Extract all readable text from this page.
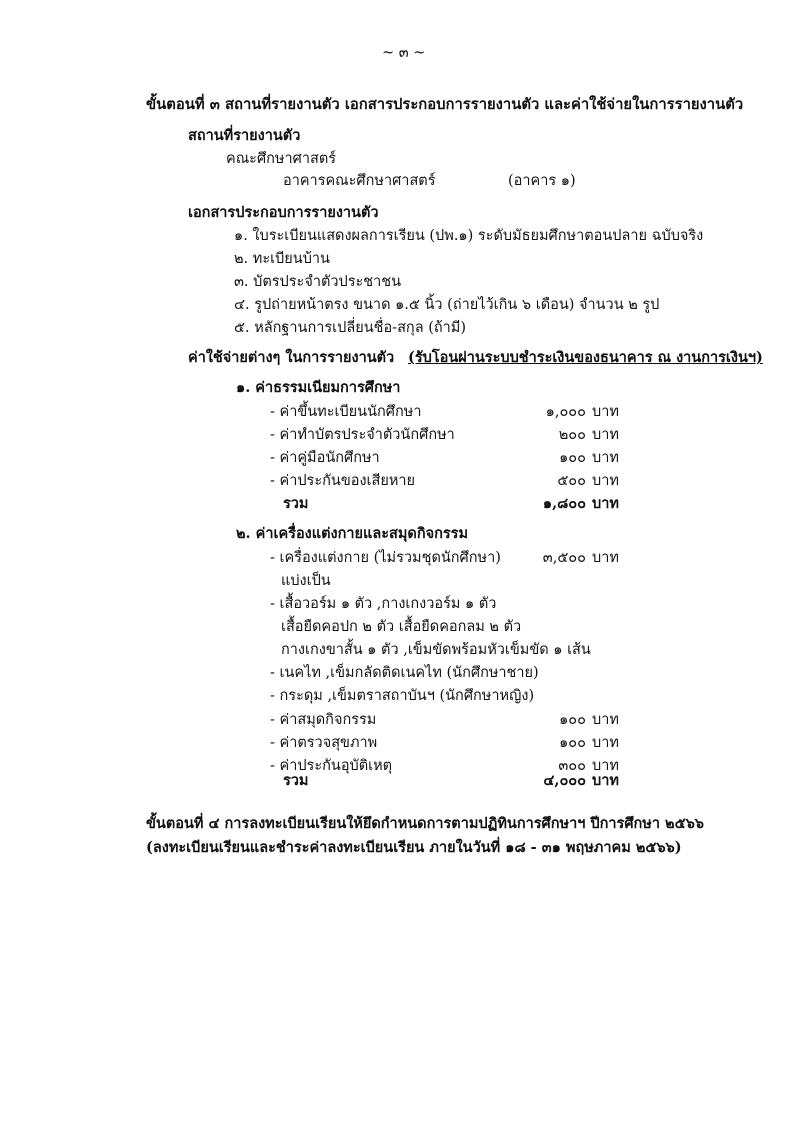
~ ๓ ~
ขั้นตอนที่ ๓ สถานที่รายงานตัว เอกสารประกอบการรายงานตัว และค่าใช้จ่ายในการรายงานตัว
สถานที่รายงานตัว
คณะศึกษาศาสตร์
อาคารคณะศึกษาศาสตร์	(อาคาร ๑)
เอกสารประกอบการรายงานตัว
๑. ใบระเบียนแสดงผลการเรียน (ปพ.๑) ระดับมัธยมศึกษาตอนปลาย ฉบับจริง
๒. ทะเบียนบ้าน
๓. บัตรประจำตัวประชาชน
๔. รูปถ่ายหน้าตรง ขนาด ๑.๕ นิ้ว (ถ่ายไว้เกิน ๖ เดือน) จำนวน ๒ รูป
๕. หลักฐานการเปลี่ยนชื่อ-สกุล (ถ้ามี)
ค่าใช้จ่ายต่างๆ ในการรายงานตัว (รับโอนผ่านระบบชำระเงินของธนาคาร ณ งานการเงินฯ)
๑. ค่าธรรมเนียมการศึกษา
- ค่าขึ้นทะเบียนนักศึกษา	๑,๐๐๐ บาท
- ค่าทำบัตรประจำตัวนักศึกษา	๒๐๐ บาท
- ค่าคู่มือนักศึกษา	๑๐๐ บาท
- ค่าประกันของเสียหาย	๕๐๐ บาท
รวม	๑,๘๐๐ บาท
๒. ค่าเครื่องแต่งกายและสมุดกิจกรรม
- เครื่องแต่งกาย (ไม่รวมชุดนักศึกษา)	๓,๕๐๐ บาท
แบ่งเป็น
- เสื้อวอร์ม ๑ ตัว ,กางเกงวอร์ม ๑ ตัว
เสื้อยืดคอปก ๒ ตัว เสื้อยืดคอกลม ๒ ตัว
กางเกงขาสั้น ๑ ตัว ,เข็มขัดพร้อมหัวเข็มขัด ๑ เส้น
- เนคไท ,เข็มกลัดติดเนคไท (นักศึกษาชาย)
- กระดุม ,เข็มตราสถาบันฯ (นักศึกษาหญิง)
- ค่าสมุดกิจกรรม	๑๐๐ บาท
- ค่าตรวจสุขภาพ	๑๐๐ บาท
- ค่าประกันอุบัติเหตุ	๓๐๐ บาท
รวม	๔,๐๐๐ บาท
ขั้นตอนที่ ๔ การลงทะเบียนเรียนให้ยึดกำหนดการตามปฏิทินการศึกษาฯ ปีการศึกษา ๒๕๖๖
(ลงทะเบียนเรียนและชำระค่าลงทะเบียนเรียน ภายในวันที่ ๑๘ - ๓๑ พฤษภาคม ๒๕๖๖)
